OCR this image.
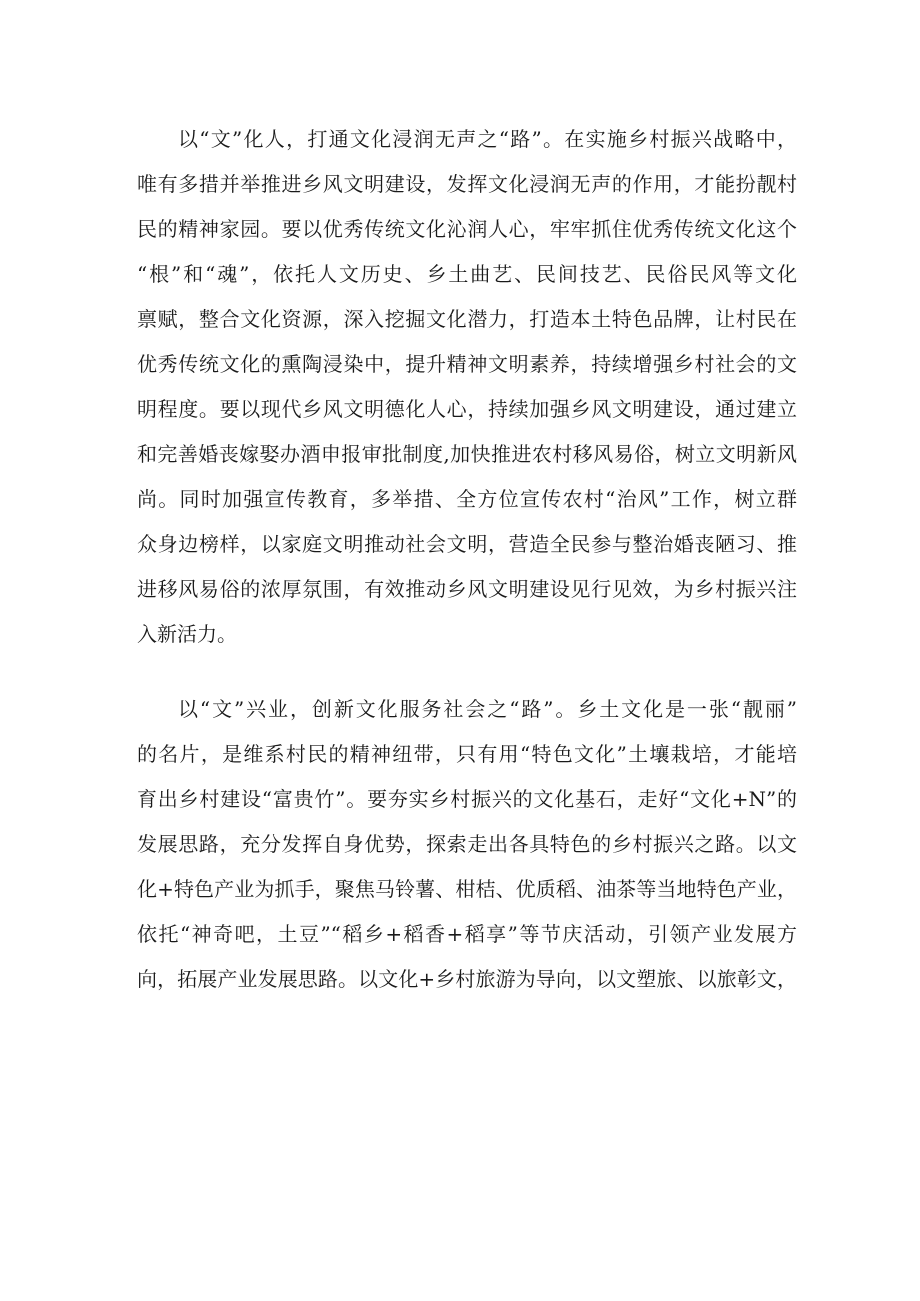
以“文”化人，打通文化浸润无声之“路”。在实施乡村振兴战略中，
唯有多措并举推进乡风文明建设，发挥文化浸润无声的作用，才能扮靓村
民的精神家园。要以优秀传统文化沁润人心，牢牢抓住优秀传统文化这个
“根”和“魂”，依托人文历史、乡土曲艺、民间技艺、民俗民风等文化
禀赋，整合文化资源，深入挖掘文化潜力，打造本土特色品牌，让村民在
优秀传统文化的熏陶浸染中，提升精神文明素养，持续增强乡村社会的文
明程度。要以现代乡风文明德化人心，持续加强乡风文明建设，通过建立
和完善婚丧嫁娶办酒申报审批制度,加快推进农村移风易俗，树立文明新风
尚。同时加强宣传教育，多举措、全方位宣传农村“治风”工作，树立群
众身边榜样，以家庭文明推动社会文明，营造全民参与整治婚丧陋习、推
进移风易俗的浓厚氛围，有效推动乡风文明建设见行见效，为乡村振兴注
入新活力。
以“文”兴业，创新文化服务社会之“路”。乡土文化是一张“靓丽”
的名片，是维系村民的精神纽带，只有用“特色文化”土壤栽培，才能培
育出乡村建设“富贵竹”。要夯实乡村振兴的文化基石，走好“文化+N”的
发展思路，充分发挥自身优势，探索走出各具特色的乡村振兴之路。以文
化+特色产业为抓手，聚焦马铃薯、柑桔、优质稻、油茶等当地特色产业，
依托“神奇吧，土豆”“稻乡+稻香+稻享”等节庆活动，引领产业发展方
向，拓展产业发展思路。以文化+乡村旅游为导向，以文塑旅、以旅彰文，
